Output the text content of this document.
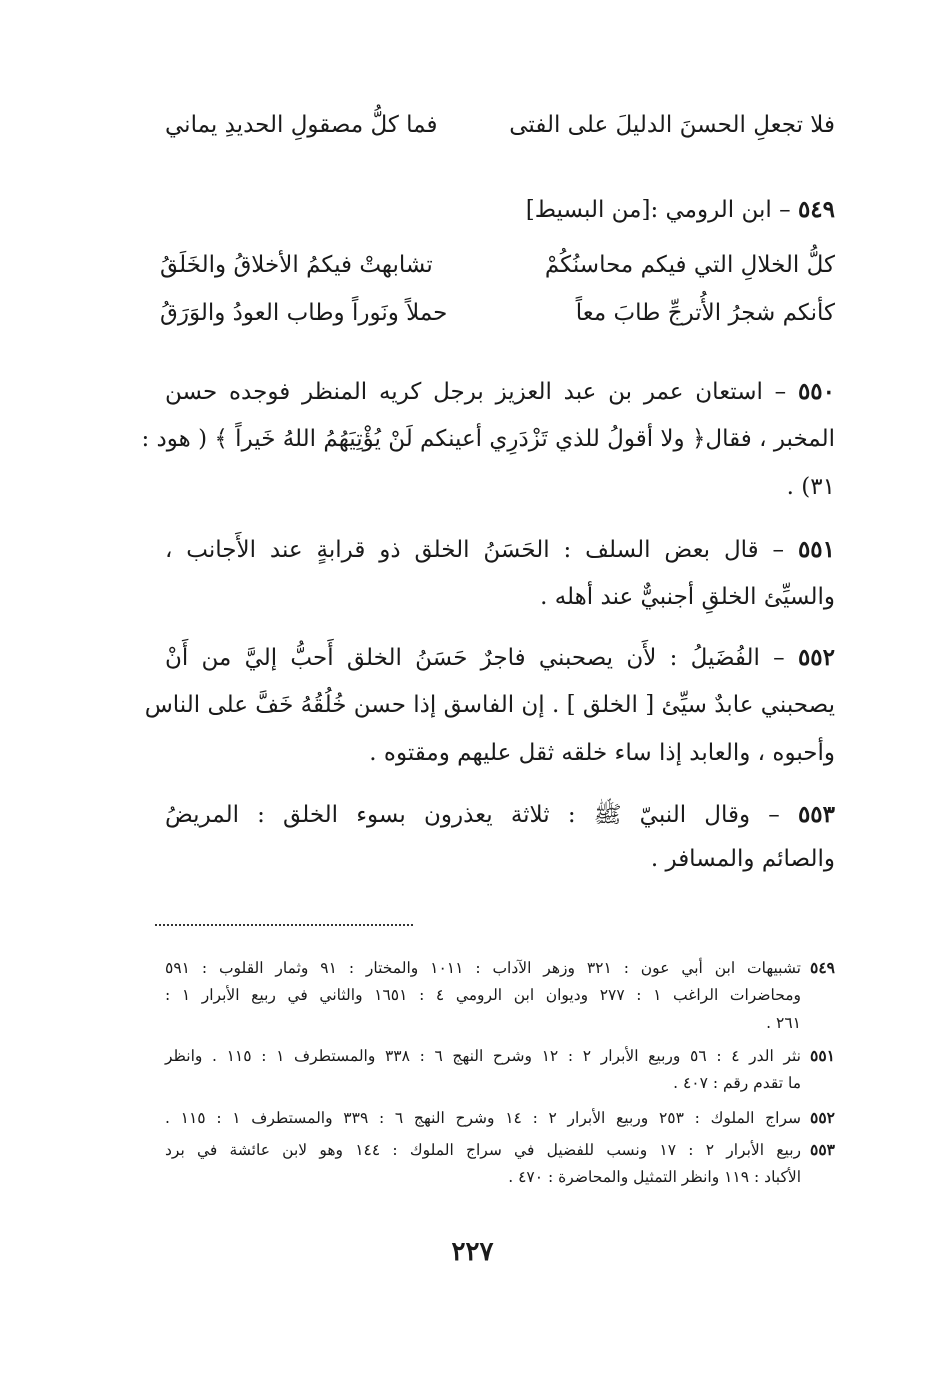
فلا تجعلِ الحسنَ الدليلَ على الفتى
فما كلُّ مصقولِ الحديدِ يماني
٥٤٩ – ابن الرومي :[من البسيط]
كلُّ الخلالِ التي فيكم محاسنُكُمْ
تشابهتْ فيكمُ الأخلاقُ والخَلَقُ
كأنكم شجرُ الأُترجِّ طابَ معاً
حملاً ونَوراً وطاب العودُ والوَرَقُ
٥٥٠ – استعان عمر بن عبد العزيز برجل كريه المنظر فوجده حسن
المخبر ، فقال﴿ ولا أقولُ للذي تَزْدَرِي أعينكم لَنْ يُؤْتِيَهُمُ اللهُ خَيراً ﴾ ( هود :
٣١) .
٥٥١ – قال بعض السلف : الحَسَنُ الخلق ذو قرابةٍ عند الأَجانب ،
والسيِّئ الخلقِ أجنبيٌّ عند أهله .
٥٥٢ – الفُضَيلُ : لأَن يصحبني فاجرٌ حَسَنُ الخلق أَحبُّ إليَّ من أَنْ
يصحبني عابدٌ سيِّئ [ الخلق ] . إن الفاسق إذا حسن خُلُقُهُ خَفَّ على الناس
وأحبوه ، والعابد إذا ساء خلقه ثقل عليهم ومقتوه .
٥٥٣ – وقال النبيّ ﷺ : ثلاثة يعذرون بسوء الخلق : المريضُ
والصائم والمسافر .
٥٤٩تشبيهات ابن أبي عون : ٣٢١ وزهر الآداب : ١٠١١ والمختار : ٩١ وثمار القلوب : ٥٩١
ومحاضرات الراغب ١ : ٢٧٧ وديوان ابن الرومي ٤ : ١٦٥١ والثاني في ربيع الأبرار ١ :
٢٦١ .
٥٥١نثر الدر ٤ : ٥٦ وربيع الأبرار ٢ : ١٢ وشرح النهج ٦ : ٣٣٨ والمستطرف ١ : ١١٥ . وانظر
ما تقدم رقم : ٤٠٧ .
٥٥٢سراج الملوك : ٢٥٣ وربيع الأبرار ٢ : ١٤ وشرح النهج ٦ : ٣٣٩ والمستطرف ١ : ١١٥ .
٥٥٣ربيع الأبرار ٢ : ١٧ ونسب للفضيل في سراج الملوك : ١٤٤ وهو لابن عائشة في برد
الأكباد : ١١٩ وانظر التمثيل والمحاضرة : ٤٧٠ .
٢٢٧
